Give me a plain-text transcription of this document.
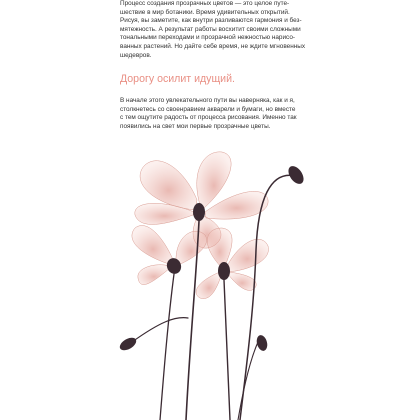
Процесс создания прозрачных цветов — это целое путе-
шествие в мир ботаники. Время удивительных открытий.
Рисуя, вы заметите, как внутри разливаются гармония и без-
мятежность. А результат работы восхитит своими сложными
тональными переходами и прозрачной нежностью нарисо-
ванных растений. Но дайте себе время, не ждите мгновенных
шедевров.

Дорогу осилит идущий.

В начале этого увлекательного пути вы наверняка, как и я,
столкнетесь со своенравием акварели и бумаги, но вместе
с тем ощутите радость от процесса рисования. Именно так
появились на свет мои первые прозрачные цветы.
